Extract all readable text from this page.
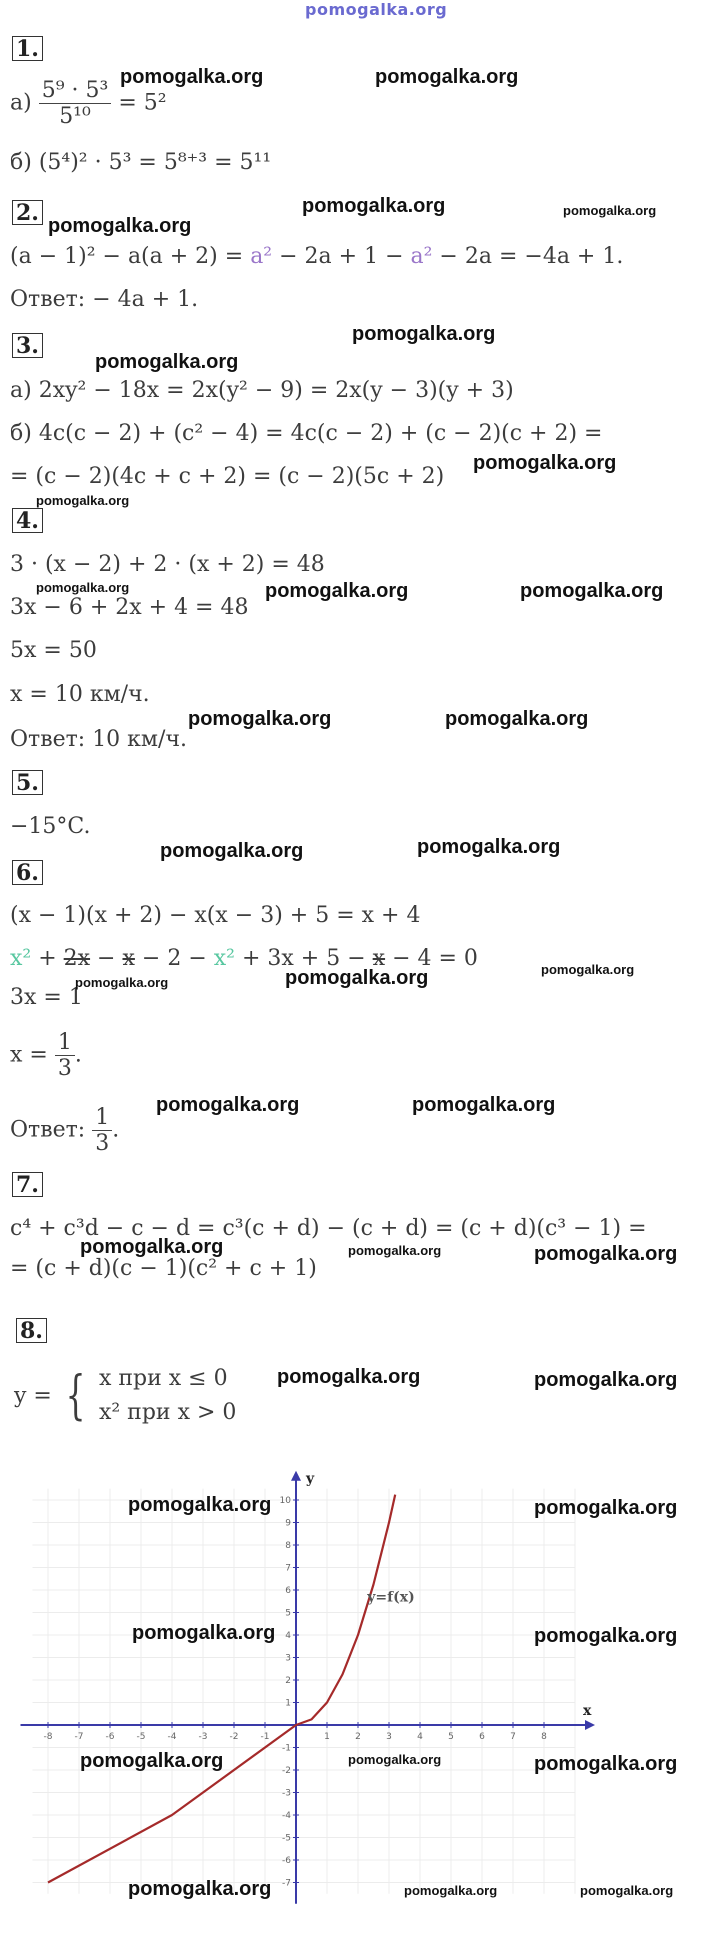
pomogalka.org
1.
$а) \frac{\text{5⁹ · 5³}}{\text{5¹⁰}} = 5^2$
б) (5⁴)² · 5³ = 5⁸⁺³ = 5¹¹
2.
(a − 1)² − a(a + 2) = a² − 2a + 1 − a² − 2a = −4a + 1.
Ответ: − 4a + 1.
3.
а) 2xy² − 18x = 2x(y² − 9) = 2x(y − 3)(y + 3)
б) 4c(c − 2) + (c² − 4) = 4c(c − 2) + (c − 2)(c + 2) =
= (c − 2)(4c + c + 2) = (c − 2)(5c + 2)
4.
3 · (x − 2) + 2 · (x + 2) = 48
3x − 6 + 2x + 4 = 48
5x = 50
x = 10 км/ч.
Ответ: 10 км/ч.
5.
−15°C.
6.
(x − 1)(x + 2) − x(x − 3) + 5 = x + 4
x² + 2x − x − 2 − x² + 3x + 5 − x − 4 = 0
3x = 1
$x = \frac{1}{3}$ .
Ответ: $\frac{1}{3}$ .
7.
c⁴ + c³d − c − d = c³(c + d) − (c + d) = (c + d)(c³ − 1) =
= (c + d)(c − 1)(c² + c + 1)
8.
y = { x при x ≤ 0
x² при x > 0
x
y
-8 -7 -6 -5 -4 -3 -2 -1	1	2	3	4	5	6	7	8
10
9
8
7
6
5
4
3
2
1
-1
-2
-3
-4
-5
-6
-7
y=f(x)
pomogalka.org	pomogalka.org
pomogalka.org
pomogalka.org
pomogalka.org
pomogalka.org
pomogalka.org
pomogalka.org
pomogalka.org
pomogalka.org	pomogalka.org	pomogalka.org
pomogalka.org	pomogalka.org
pomogalka.org	pomogalka.org
pomogalka.org	pomogalka.org	pomogalka.org
pomogalka.org	pomogalka.org
pomogalka.org	pomogalka.org	pomogalka.org
pomogalka.org	pomogalka.org
pomogalka.org	pomogalka.org
pomogalka.org	pomogalka.org
pomogalka.org	pomogalka.org	pomogalka.org
pomogalka.org	pomogalka.org	pomogalka.org
